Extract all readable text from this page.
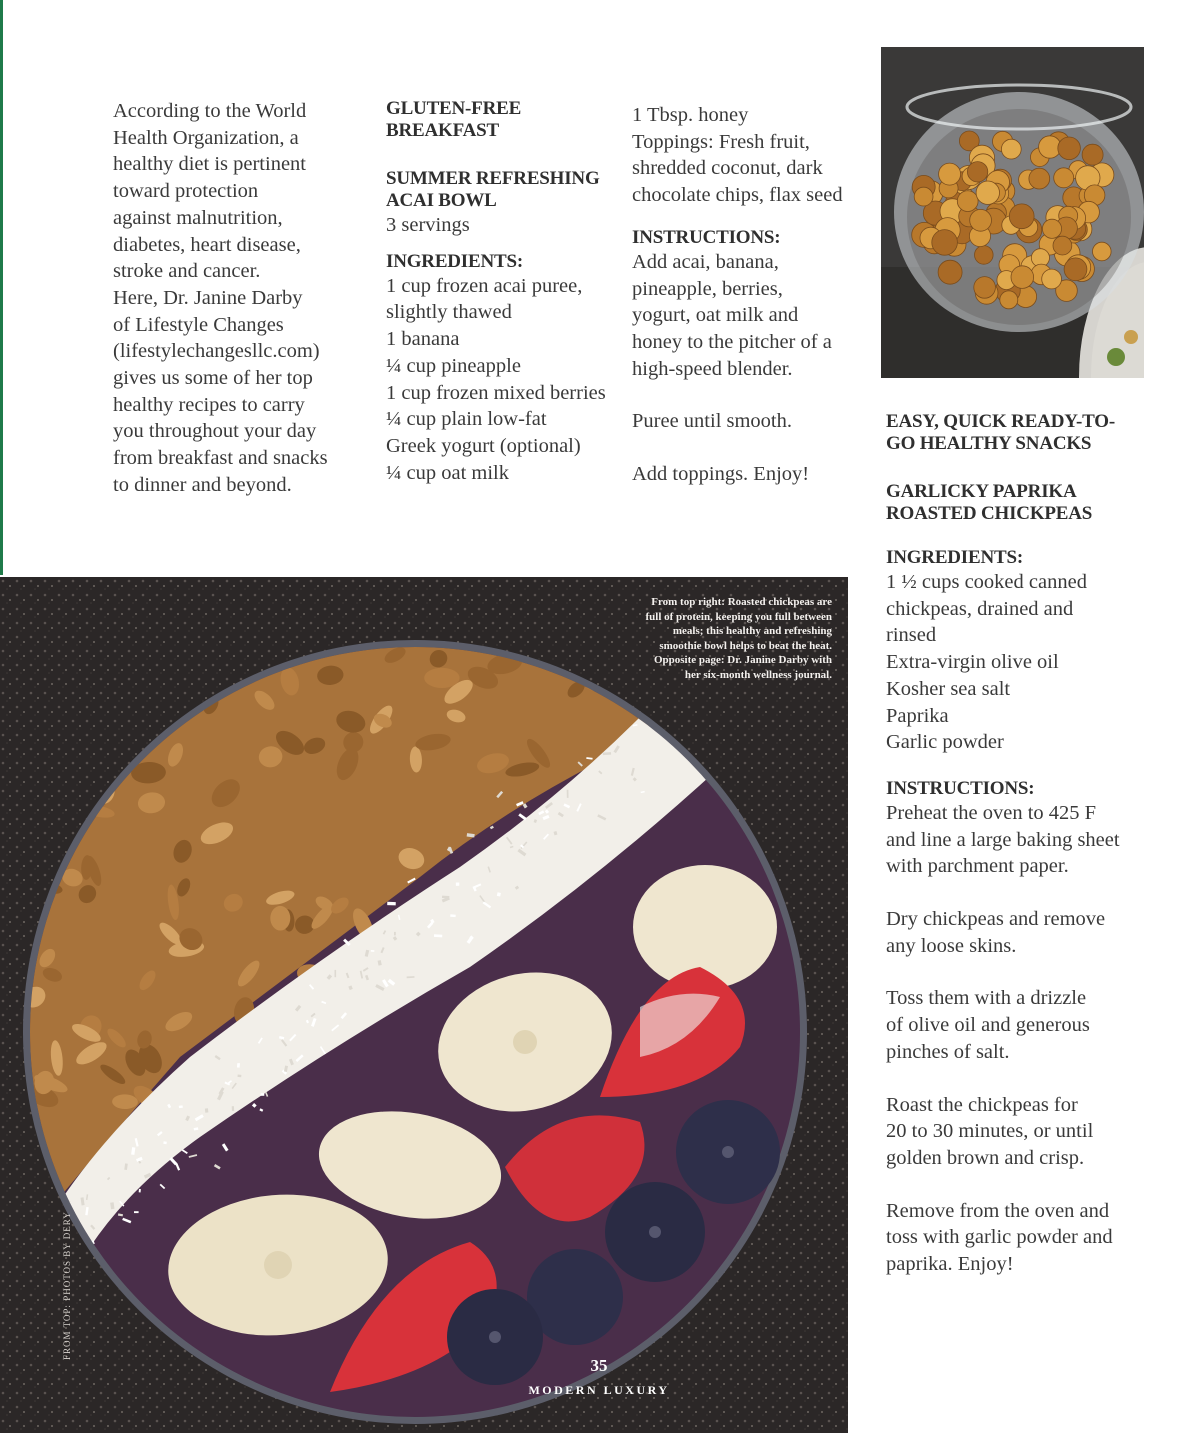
According to the World

Health Organization, a

healthy diet is pertinent

toward protection

against malnutrition,

diabetes, heart disease,

stroke and cancer.

Here, Dr. Janine Darby

of Lifestyle Changes

(lifestylechangesllc.com)

gives us some of her top

healthy recipes to carry

you throughout your day

from breakfast and snacks

to dinner and beyond.

GLUTEN-FREE

BREAKFAST

SUMMER REFRESHING

ACAI BOWL

3 servings

INGREDIENTS:

1 cup frozen acai puree,

slightly thawed

1 banana

¼ cup pineapple

1 cup frozen mixed berries

¼ cup plain low-fat

Greek yogurt (optional)

¼ cup oat milk

1 Tbsp. honey

Toppings: Fresh fruit,

shredded coconut, dark

chocolate chips, flax seed

INSTRUCTIONS:

Add acai, banana,

pineapple, berries,

yogurt, oat milk and

honey to the pitcher of a

high-speed blender.

Puree until smooth.

Add toppings. Enjoy!

EASY, QUICK READY-TO-

GO HEALTHY SNACKS

GARLICKY PAPRIKA

ROASTED CHICKPEAS

INGREDIENTS:

1 ½ cups cooked canned

chickpeas, drained and

rinsed

Extra-virgin olive oil

Kosher sea salt

Paprika

Garlic powder

INSTRUCTIONS:

Preheat the oven to 425 F

and line a large baking sheet

with parchment paper.

Dry chickpeas and remove

any loose skins.

Toss them with a drizzle

of olive oil and generous

pinches of salt.

Roast the chickpeas for

20 to 30 minutes, or until

golden brown and crisp.

Remove from the oven and

toss with garlic powder and

paprika. Enjoy!

From top right: Roasted chickpeas are
full of protein, keeping you full between
meals; this healthy and refreshing
smoothie bowl helps to beat the heat.
Opposite page: Dr. Janine Darby with
her six-month wellness journal.
FROM TOP: PHOTOS BY DERY
35
MODERN LUXURY
